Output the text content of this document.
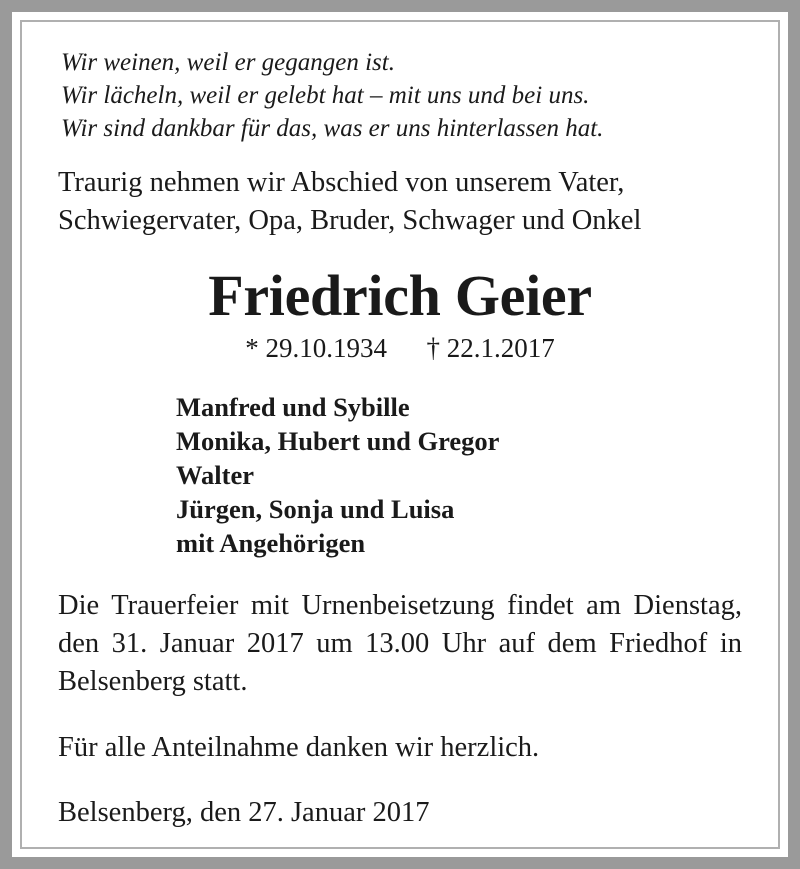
Wir weinen, weil er gegangen ist.
Wir lächeln, weil er gelebt hat – mit uns und bei uns.
Wir sind dankbar für das, was er uns hinterlassen hat.
Traurig nehmen wir Abschied von unserem Vater,
Schwiegervater, Opa, Bruder, Schwager und Onkel
Friedrich Geier
* 29.10.1934 † 22.1.2017
Manfred und Sybille
Monika, Hubert und Gregor
Walter
Jürgen, Sonja und Luisa
mit Angehörigen
Die Trauerfeier mit Urnenbeisetzung findet am Dienstag, den 31. Januar 2017 um 13.00 Uhr auf dem Friedhof in Belsenberg statt.
Für alle Anteilnahme danken wir herzlich.
Belsenberg, den 27. Januar 2017
